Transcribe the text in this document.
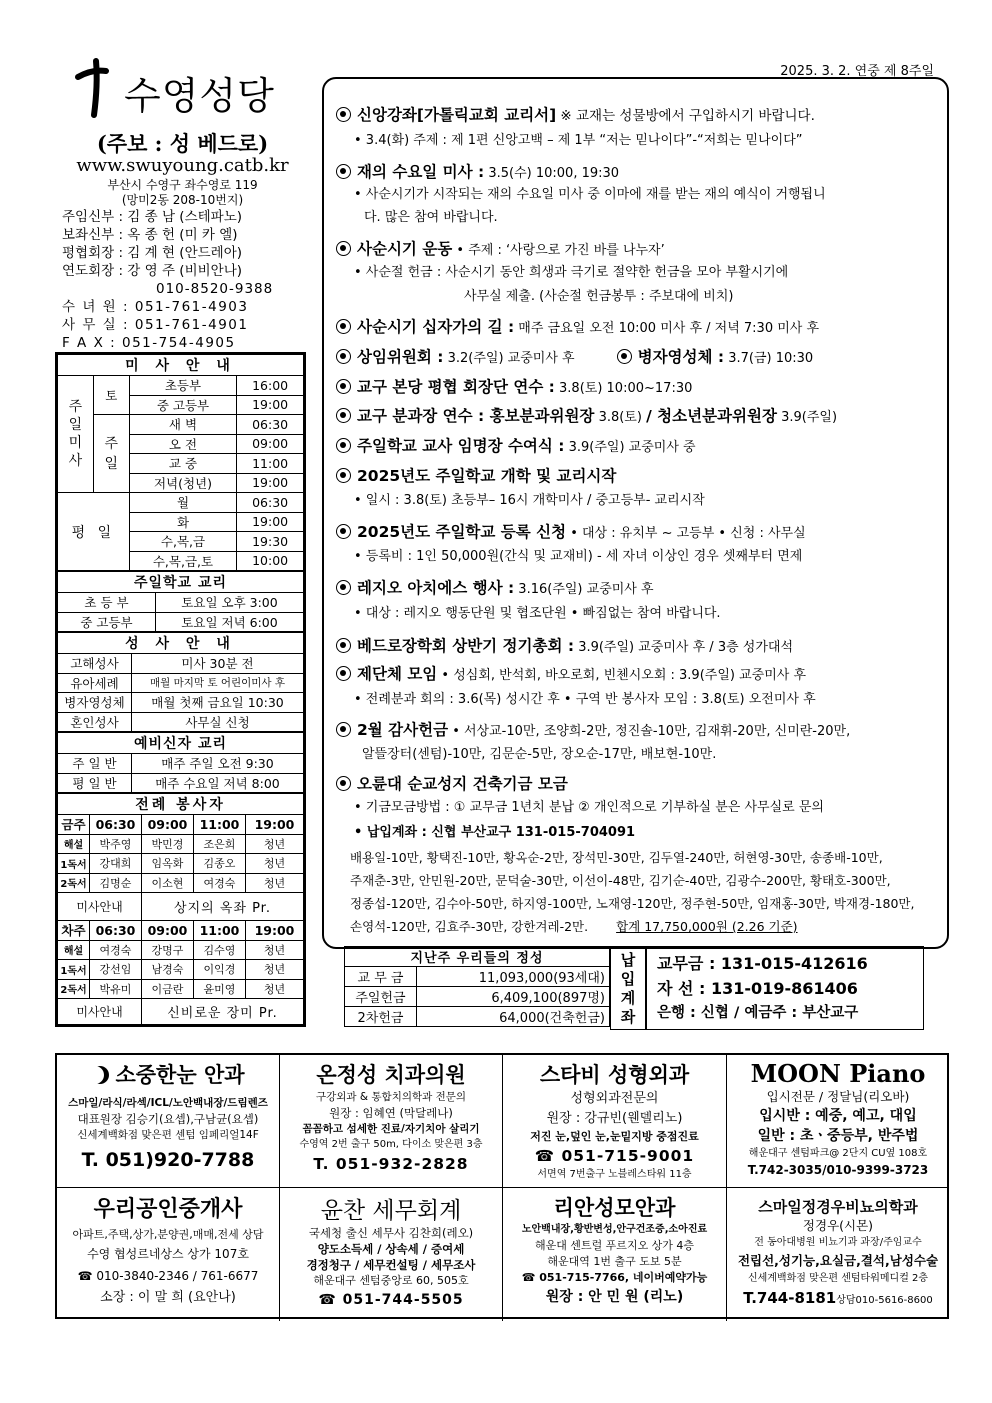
2025. 3. 2. 연중 제 8주일
수영성당
(주보 : 성 베드로)
www.swuyoung.catb.kr
부산시 수영구 좌수영로 119
(망미2동 208-10번지)
주임신부 : 김 종 남 (스테파노)
보좌신부 : 옥 종 헌 (미 카 엘)
평협회장 : 김 계 현 (안드레아)
연도회장 : 강 영 주 (비비안나)
010-8520-9388
수 녀 원 : 051-761-4903
사 무 실 : 051-761-4901
F A X : 051-754-4905
미 사 안 내			
주
일
미
사	토	초등부	16:00
		중 고등부	19:00
	주
일	새 벽	06:30
		오 전	09:00
		교 중	11:00
		저녁(청년)	19:00
평 일		월	06:30
		화	19:00
		수,목,금	19:30
		수,목,금,토	10:00
주일학교 교리	
초 등 부	토요일 오후 3:00
중 고등부	토요일 저녁 6:00
성 사 안 내	
고해성사	미사 30분 전
유아세례	매월 마지막 토 어린이미사 후
병자영성체	매월 첫째 금요일 10:30
혼인성사	사무실 신청
예비신자 교리	
주 일 반	매주 주일 오전 9:30
평 일 반	매주 수요일 저녁 8:00
전례 봉사자				
금주	06:30	09:00	11:00	19:00
해설	박주영	박민경	조은희	청년
1독서	강대희	임옥화	김종오	청년
2독서	김명순	이소현	여경숙	청년
미사안내		상지의 옥좌 Pr.		
차주	06:30	09:00	11:00	19:00
해설	여경숙	강명구	김수영	청년
1독서	강선임	남경숙	이익경	청년
2독서	박유미	이금란	윤미영	청년
미사안내		신비로운 장미 Pr.		
신앙강좌[가톨릭교회 교리서] ※ 교재는 성물방에서 구입하시기 바랍니다.
• 3.4(화) 주제 : 제 1편 신앙고백 – 제 1부 “저는 믿나이다”-“저희는 믿나이다”
재의 수요일 미사 : 3.5(수) 10:00, 19:30
• 사순시기가 시작되는 재의 수요일 미사 중 이마에 재를 받는 재의 예식이 거행됩니
다. 많은 참여 바랍니다.
사순시기 운동 • 주제 : ‘사랑으로 가진 바를 나누자’
• 사순절 헌금 : 사순시기 동안 희생과 극기로 절약한 헌금을 모아 부활시기에
사무실 제출. (사순절 헌금봉투 : 주보대에 비치)
사순시기 십자가의 길 : 매주 금요일 오전 10:00 미사 후 / 저녁 7:30 미사 후
상임위원회 : 3.2(주일) 교중미사 후	병자영성체 : 3.7(금) 10:30
교구 본당 평협 회장단 연수 : 3.8(토) 10:00~17:30
교구 분과장 연수 : 홍보분과위원장 3.8(토) / 청소년분과위원장 3.9(주일)
주일학교 교사 임명장 수여식 : 3.9(주일) 교중미사 중
2025년도 주일학교 개학 및 교리시작
• 일시 : 3.8(토) 초등부– 16시 개학미사 / 중고등부- 교리시작
2025년도 주일학교 등록 신청 • 대상 : 유치부 ~ 고등부 • 신청 : 사무실
• 등록비 : 1인 50,000원(간식 및 교재비) - 세 자녀 이상인 경우 셋째부터 면제
레지오 아치에스 행사 : 3.16(주일) 교중미사 후
• 대상 : 레지오 행동단원 및 협조단원 • 빠짐없는 참여 바랍니다.
베드로장학회 상반기 정기총회 : 3.9(주일) 교중미사 후 / 3층 성가대석
제단체 모임 • 성심회, 반석회, 바오로회, 빈첸시오회 : 3.9(주일) 교중미사 후
• 전례분과 회의 : 3.6(목) 성시간 후 • 구역 반 봉사자 모임 : 3.8(토) 오전미사 후
2월 감사헌금 • 서상교-10만, 조양희-2만, 정진솔-10만, 김재휘-20만, 신미란-20만,
알뜰장터(센텀)-10만, 김문순-5만, 장오순-17만, 배보현-10만.
오륜대 순교성지 건축기금 모금
• 기금모금방법 : ① 교무금 1년치 분납 ② 개인적으로 기부하실 분은 사무실로 문의
• 납입계좌 : 신협 부산교구 131-015-704091
배용일-10만, 황택진-10만, 황옥순-2만, 장석민-30만, 김두열-240만, 허현영-30만, 송종배-10만,
주재춘-3만, 안민원-20만, 문덕술-30만, 이선이-48만, 김기순-40만, 김광수-200만, 황태호-300만,
정종섭-120만, 김수아-50만, 하지영-100만, 노재영-120만, 정주현-50만, 임재홍-30만, 박재경-180만,
손영석-120만, 김효주-30만, 강한겨레-2만. 합계 17,750,000원 (2.26 기준)
지난주 우리들의 정성	
교 무 금	11,093,000(93세대)
주일헌금	6,409,100(897명)
2차헌금	64,000(건축헌금)
납입계좌
교무금 : 131-015-412616
자 선 : 131-019-861406
은행 : 신협 / 예금주 : 부산교구
소중한눈 안과
스마일/라식/라섹/ICL/노안백내장/드림렌즈
대표원장 김승기(요셉),구남균(요셉)
신세계백화점 맞은편 센텀 임페리얼14F
T. 051)920-7788
온정성 치과의원
구강외과 & 통합치의학과 전문의
원장 : 임혜연 (막달레나)
꼼꼼하고 섬세한 진료/자기치아 살리기
수영역 2번 출구 50m, 다이소 맞은편 3층
T. 051-932-2828
스타비 성형외과
성형외과전문의
원장 : 강규빈(웬델리노)
저진 눈,덮인 눈,눈밑지방 중점진료
☎ 051-715-9001
서면역 7번출구 노블레스타워 11층
MOON Piano
입시전문 / 정달님(리오바)
입시반 : 예중, 예고, 대입
일반 : 초ㆍ중등부, 반주법
해운대구 센텀파크@ 2단지 CU옆 108호
T.742-3035/010-9399-3723
우리공인중개사
아파트,주택,상가,분양권,매매,전세 상담
수영 협성르네상스 상가 107호
☎ 010-3840-2346 / 761-6677
소장 : 이 말 희 (요안나)
윤찬 세무회계
국세청 출신 세무사 김찬희(레오)
양도소득세 / 상속세 / 증여세
경정청구 / 세무컨설팅 / 세무조사
해운대구 센텀중앙로 60, 505호
☎ 051-744-5505
리안성모안과
노안백내장,황반변성,안구건조증,소아진료
해운대 센트럴 푸르지오 상가 4층
해운대역 1번 출구 도보 5분
☎ 051-715-7766, 네이버예약가능
원장 : 안 민 원 (리노)
스마일정경우비뇨의학과
정경우(시몬)
전 동아대병원 비뇨기과 과장/주임교수
전립선,성기능,요실금,결석,남성수술
신세계백화점 맞은편 센텀타워메디컬 2층
T.744-8181상담010-5616-8600
